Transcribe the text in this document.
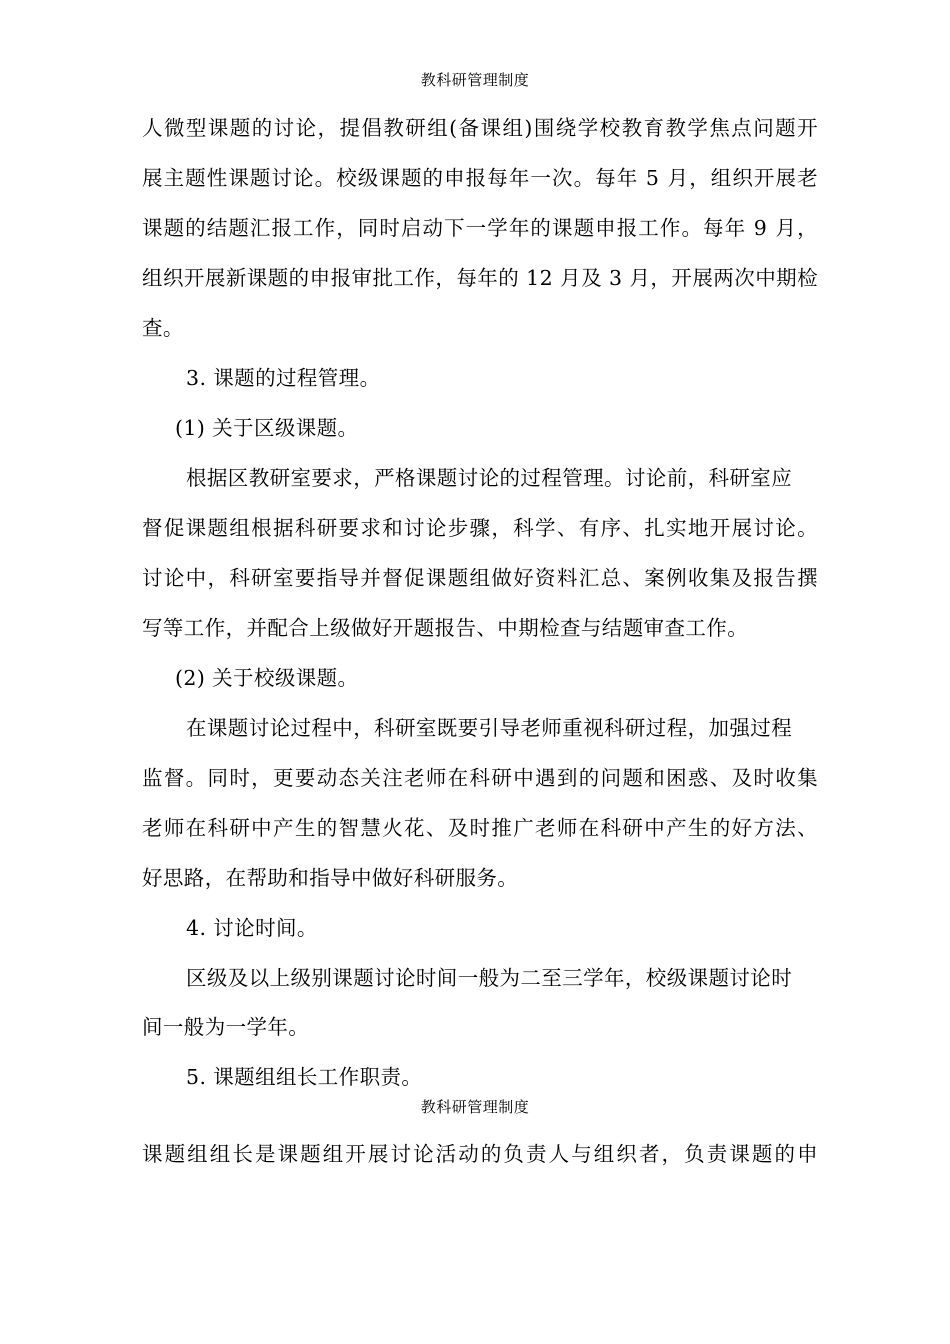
教科研管理制度
人微型课题的讨论，提倡教研组(备课组)围绕学校教育教学焦点问题开
展主题性课题讨论。校级课题的申报每年一次。每年 5 月，组织开展老
课题的结题汇报工作，同时启动下一学年的课题申报工作。每年 9 月，
组织开展新课题的申报审批工作，每年的 12 月及 3 月，开展两次中期检
查。
3. 课题的过程管理。
(1) 关于区级课题。
根据区教研室要求，严格课题讨论的过程管理。讨论前，科研室应
督促课题组根据科研要求和讨论步骤，科学、有序、扎实地开展讨论。
讨论中，科研室要指导并督促课题组做好资料汇总、案例收集及报告撰
写等工作，并配合上级做好开题报告、中期检查与结题审查工作。
(2) 关于校级课题。
在课题讨论过程中，科研室既要引导老师重视科研过程，加强过程
监督。同时，更要动态关注老师在科研中遇到的问题和困惑、及时收集
老师在科研中产生的智慧火花、及时推广老师在科研中产生的好方法、
好思路，在帮助和指导中做好科研服务。
4. 讨论时间。
区级及以上级别课题讨论时间一般为二至三学年，校级课题讨论时
间一般为一学年。
5. 课题组组长工作职责。
教科研管理制度
课题组组长是课题组开展讨论活动的负责人与组织者，负责课题的申
